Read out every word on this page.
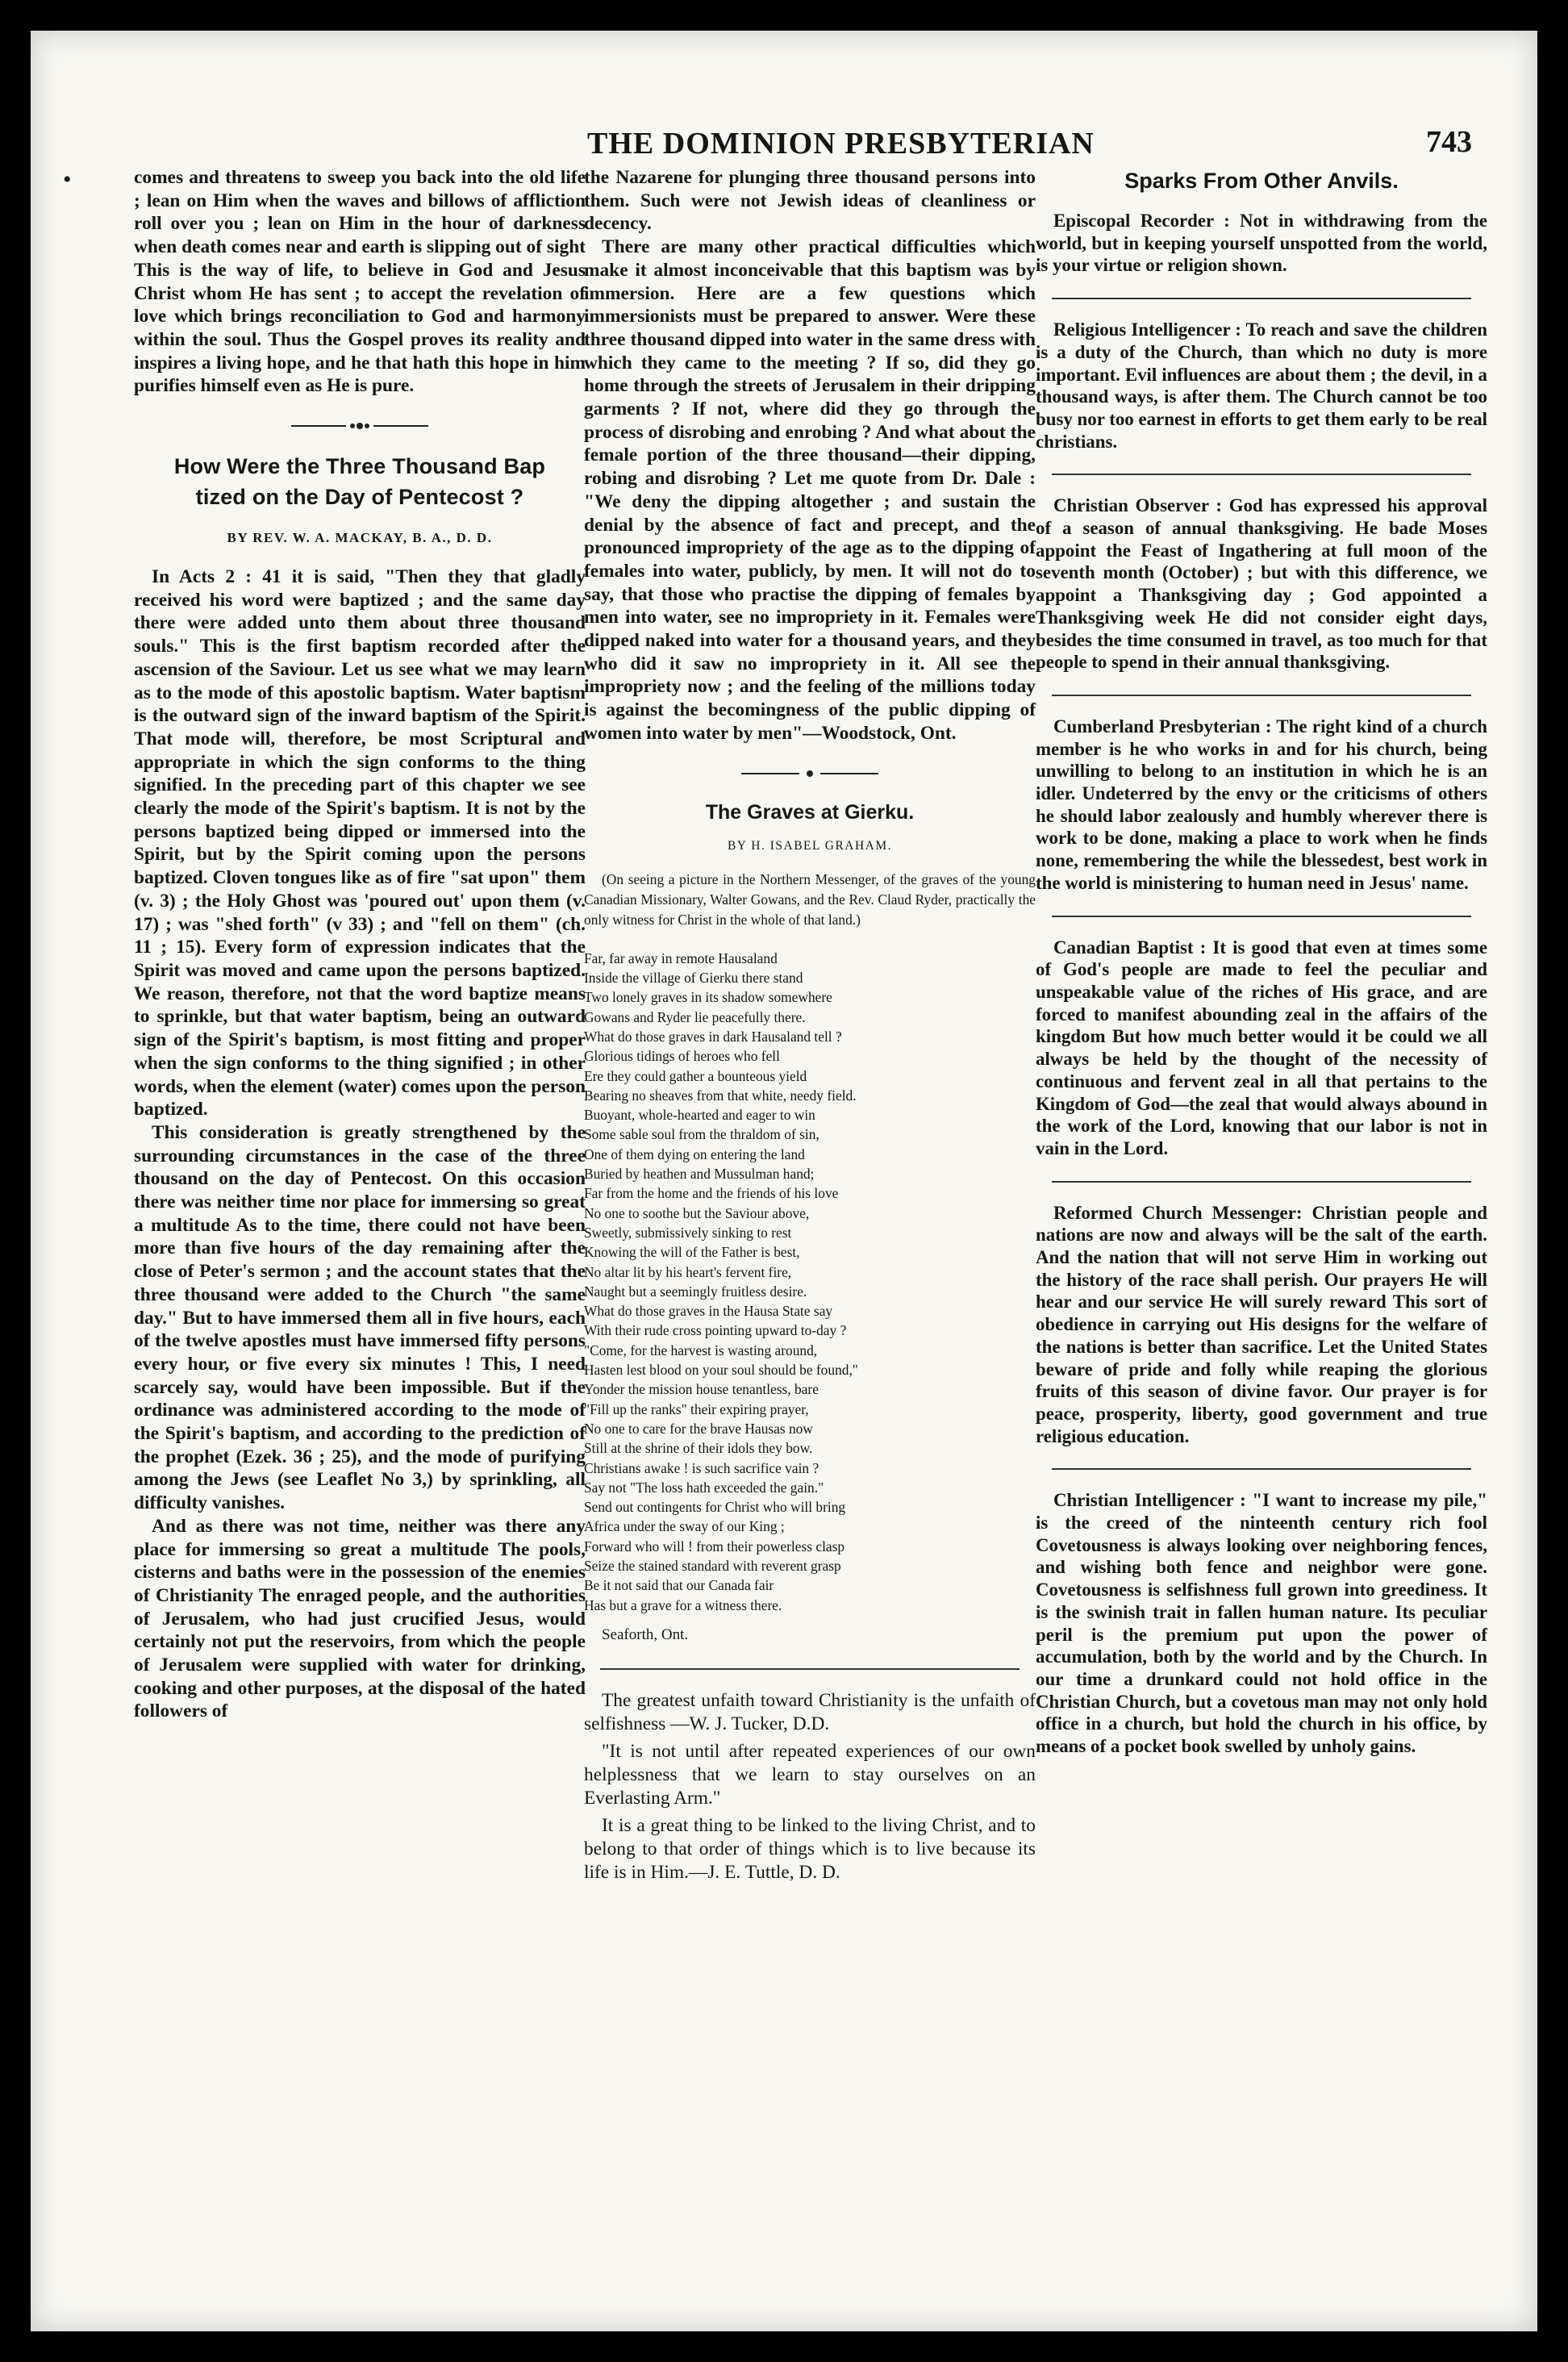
•
THE DOMINION PRESBYTERIAN	743

comes and threatens to sweep you back into the old life ; lean on Him when the waves and billows of affliction roll over you ; lean on Him in the hour of darkness when death comes near and earth is slipping out of sight This is the way of life, to believe in God and Jesus Christ whom He has sent ; to accept the revelation of love which brings reconciliation to God and harmony within the soul. Thus the Gospel proves its reality and inspires a living hope, and he that hath this hope in him purifies himself even as He is pure.

How Were the Three Thousand Bap
tized on the Day of Pentecost ?
BY REV. W. A. MACKAY, B. A., D. D.

In Acts 2 : 41 it is said, "Then they that gladly received his word were baptized ; and the same day there were added unto them about three thousand souls." This is the first baptism recorded after the ascension of the Saviour. Let us see what we may learn as to the mode of this apostolic baptism. Water baptism is the outward sign of the inward baptism of the Spirit. That mode will, therefore, be most Scriptural and appropriate in which the sign conforms to the thing signified. In the preceding part of this chapter we see clearly the mode of the Spirit's baptism. It is not by the persons baptized being dipped or immersed into the Spirit, but by the Spirit coming upon the persons baptized. Cloven tongues like as of fire "sat upon" them (v. 3) ; the Holy Ghost was 'poured out' upon them (v. 17) ; was "shed forth" (v 33) ; and "fell on them" (ch. 11 ; 15). Every form of expression indicates that the Spirit was moved and came upon the persons baptized. We reason, therefore, not that the word baptize means to sprinkle, but that water baptism, being an outward sign of the Spirit's baptism, is most fitting and proper when the sign conforms to the thing signified ; in other words, when the element (water) comes upon the person baptized.

This consideration is greatly strengthened by the surrounding circumstances in the case of the three thousand on the day of Pentecost. On this occasion there was neither time nor place for immersing so great a multitude As to the time, there could not have been more than five hours of the day remaining after the close of Peter's sermon ; and the account states that the three thousand were added to the Church "the same day." But to have immersed them all in five hours, each of the twelve apostles must have immersed fifty persons every hour, or five every six minutes ! This, I need scarcely say, would have been impossible. But if the ordinance was administered according to the mode of the Spirit's baptism, and according to the prediction of the prophet (Ezek. 36 ; 25), and the mode of purifying among the Jews (see Leaflet No 3,) by sprinkling, all difficulty vanishes.

And as there was not time, neither was there any place for immersing so great a multitude The pools, cisterns and baths were in the possession of the enemies of Christianity The enraged people, and the authorities of Jerusalem, who had just crucified Jesus, would certainly not put the reservoirs, from which the people of Jerusalem were supplied with water for drinking, cooking and other purposes, at the disposal of the hated followers of

the Nazarene for plunging three thousand persons into them. Such were not Jewish ideas of cleanliness or decency.

There are many other practical difficulties which make it almost inconceivable that this baptism was by immersion. Here are a few questions which immersionists must be prepared to answer. Were these three thousand dipped into water in the same dress with which they came to the meeting ? If so, did they go home through the streets of Jerusalem in their dripping garments ? If not, where did they go through the process of disrobing and enrobing ? And what about the female portion of the three thousand—their dipping, robing and disrobing ? Let me quote from Dr. Dale : "We deny the dipping altogether ; and sustain the denial by the absence of fact and precept, and the pronounced impropriety of the age as to the dipping of females into water, publicly, by men. It will not do to say, that those who practise the dipping of females by men into water, see no impropriety in it. Females were dipped naked into water for a thousand years, and they who did it saw no impropriety in it. All see the impropriety now ; and the feeling of the millions today is against the becomingness of the public dipping of women into water by men"—Woodstock, Ont.

The Graves at Gierku.
BY H. ISABEL GRAHAM.

(On seeing a picture in the Northern Messenger, of the graves of the young Canadian Missionary, Walter Gowans, and the Rev. Claud Ryder, practically the only witness for Christ in the whole of that land.)

Far, far away in remote Hausaland
Inside the village of Gierku there stand
Two lonely graves in its shadow somewhere
Gowans and Ryder lie peacefully there.
What do those graves in dark Hausaland tell ?
Glorious tidings of heroes who fell
Ere they could gather a bounteous yield
Bearing no sheaves from that white, needy field.
Buoyant, whole-hearted and eager to win
Some sable soul from the thraldom of sin,
One of them dying on entering the land
Buried by heathen and Mussulman hand;
Far from the home and the friends of his love
No one to soothe but the Saviour above,
Sweetly, submissively sinking to rest
Knowing the will of the Father is best,
No altar lit by his heart's fervent fire,
Naught but a seemingly fruitless desire.
What do those graves in the Hausa State say
With their rude cross pointing upward to-day ?
"Come, for the harvest is wasting around,
Hasten lest blood on your soul should be found,"
Yonder the mission house tenantless, bare
"Fill up the ranks" their expiring prayer,
No one to care for the brave Hausas now
Still at the shrine of their idols they bow.
Christians awake ! is such sacrifice vain ?
Say not "The loss hath exceeded the gain."
Send out contingents for Christ who will bring
Africa under the sway of our King ;
Forward who will ! from their powerless clasp
Seize the stained standard with reverent grasp
Be it not said that our Canada fair
Has but a grave for a witness there.

Seaforth, Ont.

The greatest unfaith toward Christianity is the unfaith of selfishness —W. J. Tucker, D.D.

"It is not until after repeated experiences of our own helplessness that we learn to stay ourselves on an Everlasting Arm."

It is a great thing to be linked to the living Christ, and to belong to that order of things which is to live because its life is in Him.—J. E. Tuttle, D. D.

Sparks From Other Anvils.

Episcopal Recorder : Not in withdrawing from the world, but in keeping yourself unspotted from the world, is your virtue or religion shown.

Religious Intelligencer : To reach and save the children is a duty of the Church, than which no duty is more important. Evil influences are about them ; the devil, in a thousand ways, is after them. The Church cannot be too busy nor too earnest in efforts to get them early to be real christians.

Christian Observer : God has expressed his approval of a season of annual thanksgiving. He bade Moses appoint the Feast of Ingathering at full moon of the seventh month (October) ; but with this difference, we appoint a Thanksgiving day ; God appointed a Thanksgiving week He did not consider eight days, besides the time consumed in travel, as too much for that people to spend in their annual thanksgiving.

Cumberland Presbyterian : The right kind of a church member is he who works in and for his church, being unwilling to belong to an institution in which he is an idler. Undeterred by the envy or the criticisms of others he should labor zealously and humbly wherever there is work to be done, making a place to work when he finds none, remembering the while the blessedest, best work in the world is ministering to human need in Jesus' name.

Canadian Baptist : It is good that even at times some of God's people are made to feel the peculiar and unspeakable value of the riches of His grace, and are forced to manifest abounding zeal in the affairs of the kingdom But how much better would it be could we all always be held by the thought of the necessity of continuous and fervent zeal in all that pertains to the Kingdom of God—the zeal that would always abound in the work of the Lord, knowing that our labor is not in vain in the Lord.

Reformed Church Messenger: Christian people and nations are now and always will be the salt of the earth. And the nation that will not serve Him in working out the history of the race shall perish. Our prayers He will hear and our service He will surely reward This sort of obedience in carrying out His designs for the welfare of the nations is better than sacrifice. Let the United States beware of pride and folly while reaping the glorious fruits of this season of divine favor. Our prayer is for peace, prosperity, liberty, good government and true religious education.

Christian Intelligencer : "I want to increase my pile," is the creed of the ninteenth century rich fool Covetousness is always looking over neighboring fences, and wishing both fence and neighbor were gone. Covetousness is selfishness full grown into greediness. It is the swinish trait in fallen human nature. Its peculiar peril is the premium put upon the power of accumulation, both by the world and by the Church. In our time a drunkard could not hold office in the Christian Church, but a covetous man may not only hold office in a church, but hold the church in his office, by means of a pocket book swelled by unholy gains.
